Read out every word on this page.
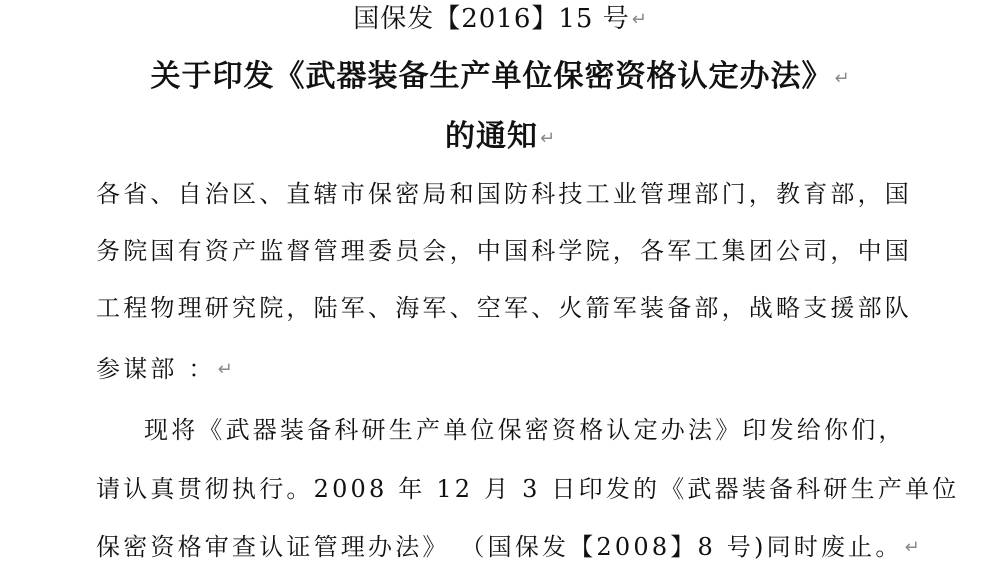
国保发【2016】15 号 ↵
关于印发《武器装备生产单位保密资格认定办法》 ↵
的通知 ↵
各省、自治区、直辖市保密局和国防科技工业管理部门，教育部，国
务院国有资产监督管理委员会，中国科学院，各军工集团公司，中国
工程物理研究院，陆军、海军、空军、火箭军装备部，战略支援部队
参谋部 ： ↵
现将《武器装备科研生产单位保密资格认定办法》印发给你们，
请认真贯彻执行。2008 年 12 月 3 日印发的《武器装备科研生产单位
保密资格审查认证管理办法》 （国保发【2008】8 号)同时废止。 ↵
